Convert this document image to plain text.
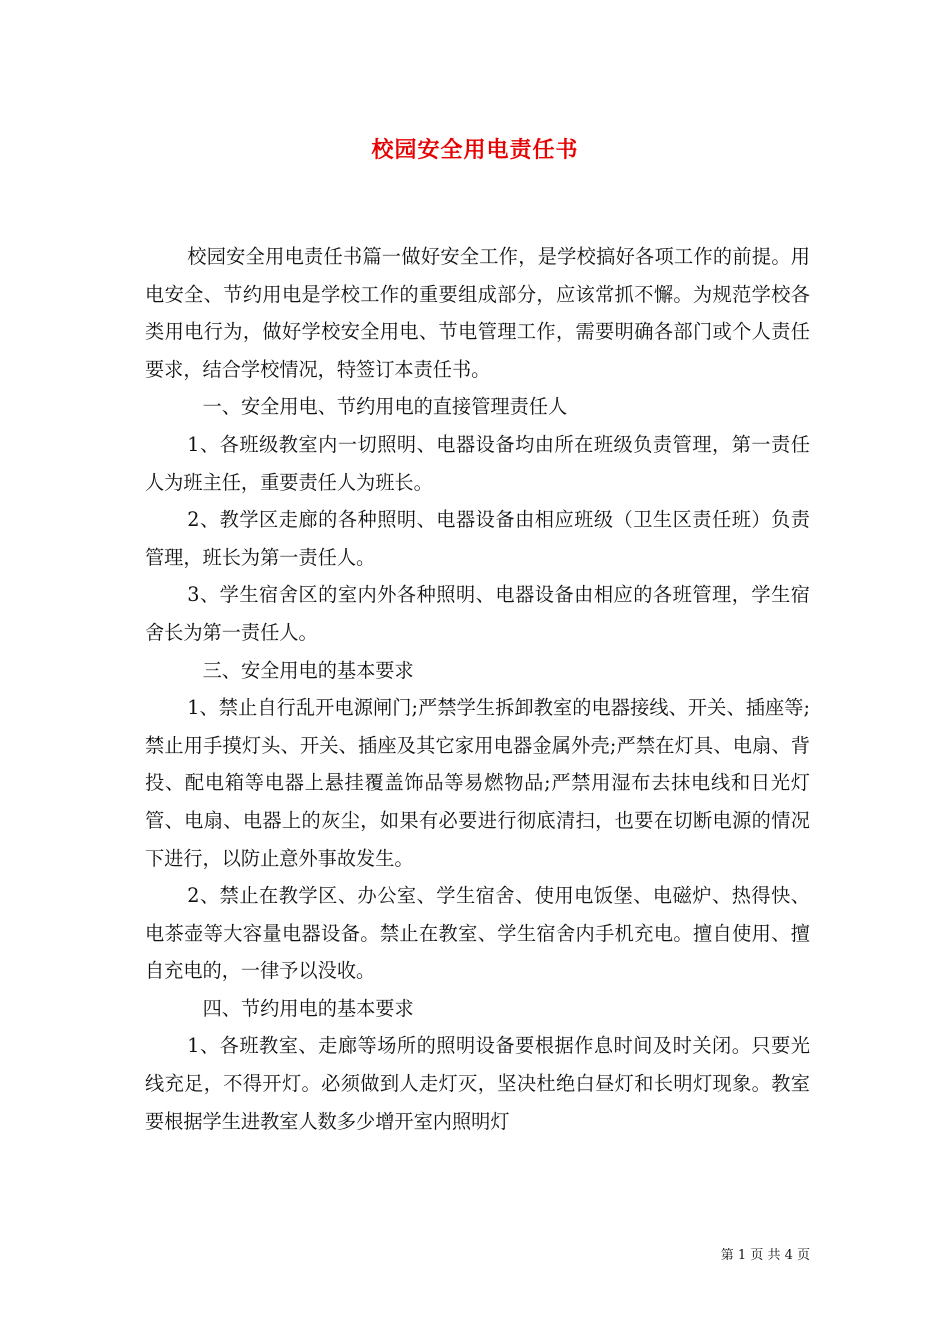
校园安全用电责任书

校园安全用电责任书篇一做好安全工作，是学校搞好各项工作的前提。用电安全、节约用电是学校工作的重要组成部分，应该常抓不懈。为规范学校各类用电行为，做好学校安全用电、节电管理工作，需要明确各部门或个人责任要求，结合学校情况，特签订本责任书。

一、安全用电、节约用电的直接管理责任人

1、各班级教室内一切照明、电器设备均由所在班级负责管理，第一责任人为班主任，重要责任人为班长。

2、教学区走廊的各种照明、电器设备由相应班级（卫生区责任班）负责管理，班长为第一责任人。

3、学生宿舍区的室内外各种照明、电器设备由相应的各班管理，学生宿舍长为第一责任人。

三、安全用电的基本要求

1、禁止自行乱开电源闸门;严禁学生拆卸教室的电器接线、开关、插座等;禁止用手摸灯头、开关、插座及其它家用电器金属外壳;严禁在灯具、电扇、背投、配电箱等电器上悬挂覆盖饰品等易燃物品;严禁用湿布去抹电线和日光灯管、电扇、电器上的灰尘，如果有必要进行彻底清扫，也要在切断电源的情况下进行，以防止意外事故发生。

2、禁止在教学区、办公室、学生宿舍、使用电饭堡、电磁炉、热得快、电茶壶等大容量电器设备。禁止在教室、学生宿舍内手机充电。擅自使用、擅自充电的，一律予以没收。

四、节约用电的基本要求

1、各班教室、走廊等场所的照明设备要根据作息时间及时关闭。只要光线充足，不得开灯。必须做到人走灯灭，坚决杜绝白昼灯和长明灯现象。教室要根据学生进教室人数多少增开室内照明灯

第 1 页 共 4 页
